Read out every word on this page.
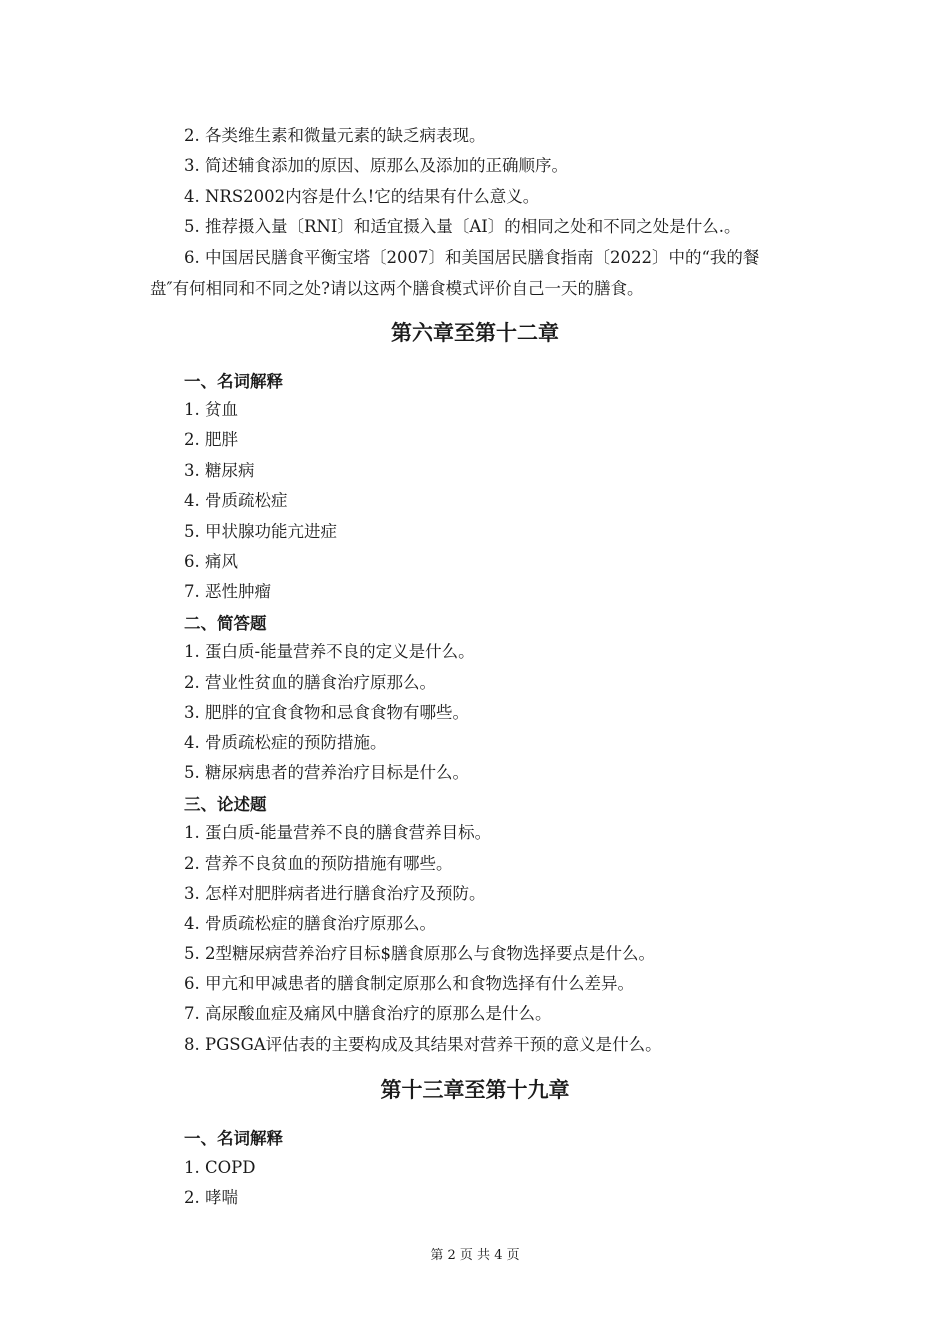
2. 各类维生素和微量元素的缺乏病表现。

3. 简述辅食添加的原因、原那么及添加的正确顺序。

4. NRS2002内容是什么!它的结果有什么意义。

5. 推荐摄入量〔RNI〕和适宜摄入量〔AI〕的相同之处和不同之处是什么.。

6. 中国居民膳食平衡宝塔〔2007〕和美国居民膳食指南〔2022〕中的“我的餐

盘″有何相同和不同之处?请以这两个膳食模式评价自己一天的膳食。

第六章至第十二章
一、名词解释

1. 贫血

2. 肥胖

3. 糖尿病

4. 骨质疏松症

5. 甲状腺功能亢进症

6. 痛风

7. 恶性肿瘤

二、简答题

1. 蛋白质-能量营养不良的定义是什么。

2. 营业性贫血的膳食治疗原那么。

3. 肥胖的宜食食物和忌食食物有哪些。

4. 骨质疏松症的预防措施。

5. 糖尿病患者的营养治疗目标是什么。

三、论述题

1. 蛋白质-能量营养不良的膳食营养目标。

2. 营养不良贫血的预防措施有哪些。

3. 怎样对肥胖病者进行膳食治疗及预防。

4. 骨质疏松症的膳食治疗原那么。

5. 2型糖尿病营养治疗目标$膳食原那么与食物选择要点是什么。

6. 甲亢和甲减患者的膳食制定原那么和食物选择有什么差异。

7. 高尿酸血症及痛风中膳食治疗的原那么是什么。

8. PGSGA评估表的主要构成及其结果对营养干预的意义是什么。

第十三章至第十九章
一、名词解释

1. COPD

2. 哮喘

第 2 页 共 4 页
